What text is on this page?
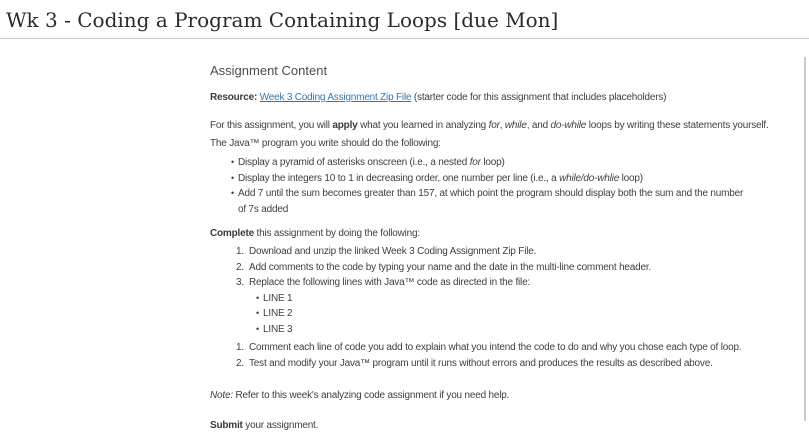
Wk 3 - Coding a Program Containing Loops [due Mon]
Assignment Content
Resource: Week 3 Coding Assignment Zip File (starter code for this assignment that includes placeholders)
For this assignment, you will apply what you learned in analyzing for, while, and do-while loops by writing these statements yourself.
The Java™ program you write should do the following:
• Display a pyramid of asterisks onscreen (i.e., a nested for loop)
• Display the integers 10 to 1 in decreasing order, one number per line (i.e., a while/do-whlie loop)
• Add 7 until the sum becomes greater than 157, at which point the program should display both the sum and the number of 7s added
Complete this assignment by doing the following:
Download and unzip the linked Week 3 Coding Assignment Zip File.
Add comments to the code by typing your name and the date in the multi-line comment header.
Replace the following lines with Java™ code as directed in the file:
• LINE 1
• LINE 2
• LINE 3
Comment each line of code you add to explain what you intend the code to do and why you chose each type of loop.
Test and modify your Java™ program until it runs without errors and produces the results as described above.
Note: Refer to this week's analyzing code assignment if you need help.
Submit your assignment.
